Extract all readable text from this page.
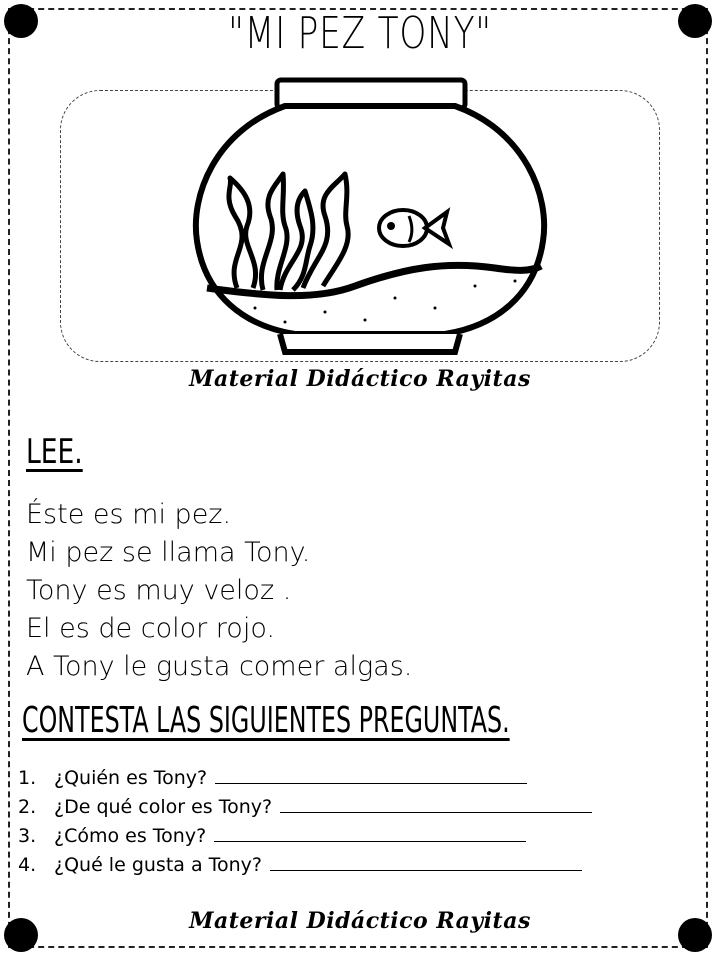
"MI PEZ TONY"
Material Didáctico Rayitas
LEE.
Éste es mi pez.
Mi pez se llama Tony.
Tony es muy veloz .
El es de color rojo.
A Tony le gusta comer algas.
CONTESTA LAS SIGUIENTES PREGUNTAS.
1. ¿Quién es Tony?
2. ¿De qué color es Tony?
3. ¿Cómo es Tony?
4. ¿Qué le gusta a Tony?
Material Didáctico Rayitas
